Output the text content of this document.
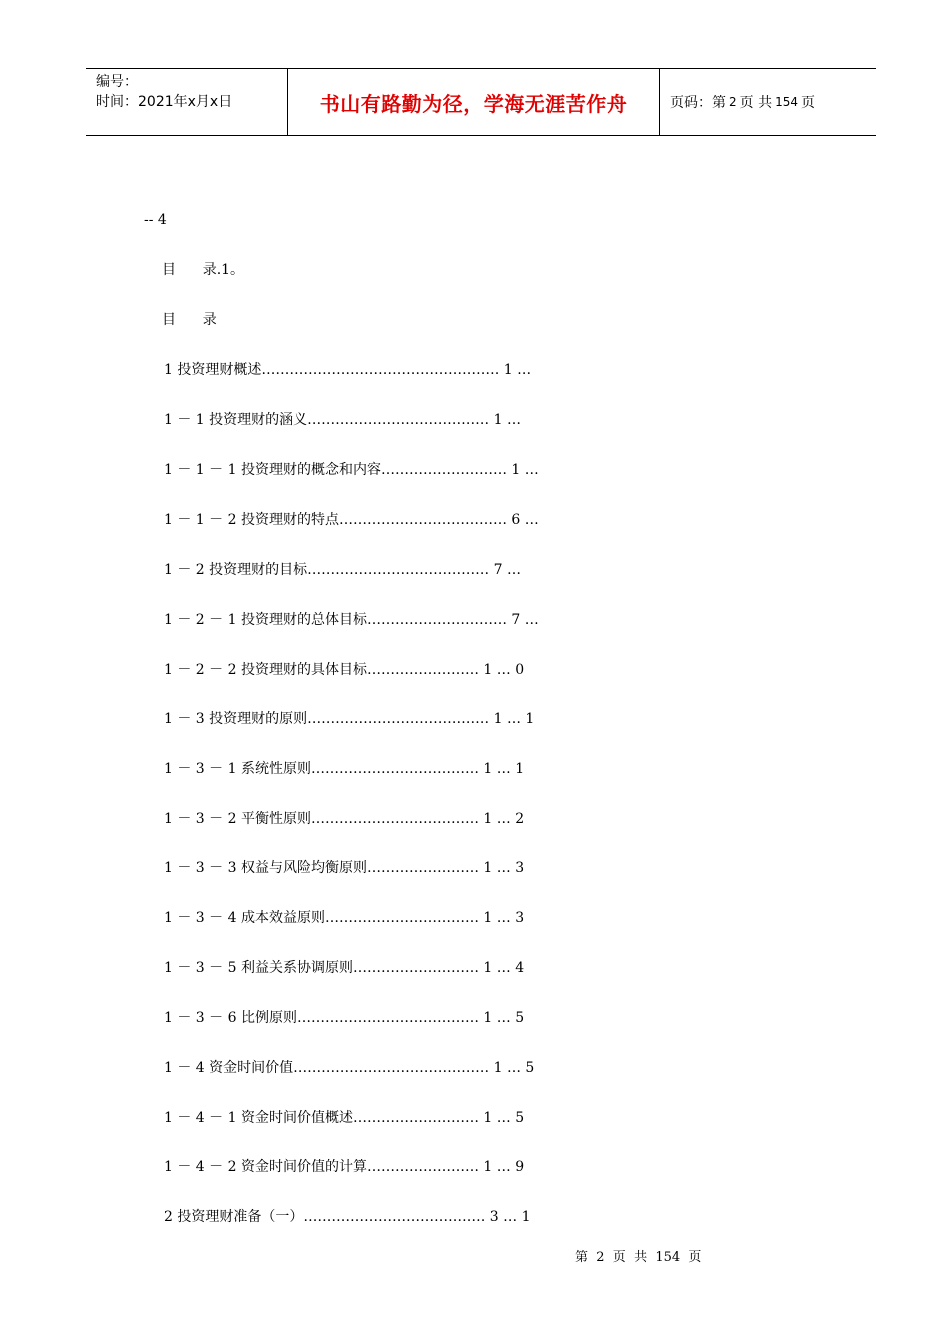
编号：
时间：2021年x月x日	书山有路勤为径，学海无涯苦作舟	页码：第 2 页 共 154 页
-- 4
目      录.1。
目      录
1 投资理财概述…………………………………………… 1 …
1 － 1 投资理财的涵义………………………………… 1 …
1 － 1 － 1 投资理财的概念和内容……………………… 1 …
1 － 1 － 2 投资理财的特点……………………………… 6 …
1 － 2 投资理财的目标………………………………… 7 …
1 － 2 － 1 投资理财的总体目标………………………… 7 …
1 － 2 － 2 投资理财的具体目标…………………… 1 … 0
1 － 3 投资理财的原则………………………………… 1 … 1
1 － 3 － 1 系统性原则……………………………… 1 … 1
1 － 3 － 2 平衡性原则……………………………… 1 … 2
1 － 3 － 3 权益与风险均衡原则…………………… 1 … 3
1 － 3 － 4 成本效益原则…………………………… 1 … 3
1 － 3 － 5 利益关系协调原则……………………… 1 … 4
1 － 3 － 6 比例原则………………………………… 1 … 5
1 － 4 资金时间价值…………………………………… 1 … 5
1 － 4 － 1 资金时间价值概述……………………… 1 … 5
1 － 4 － 2 资金时间价值的计算…………………… 1 … 9
2 投资理财准备（一）………………………………… 3 … 1
第  2  页  共  154  页
